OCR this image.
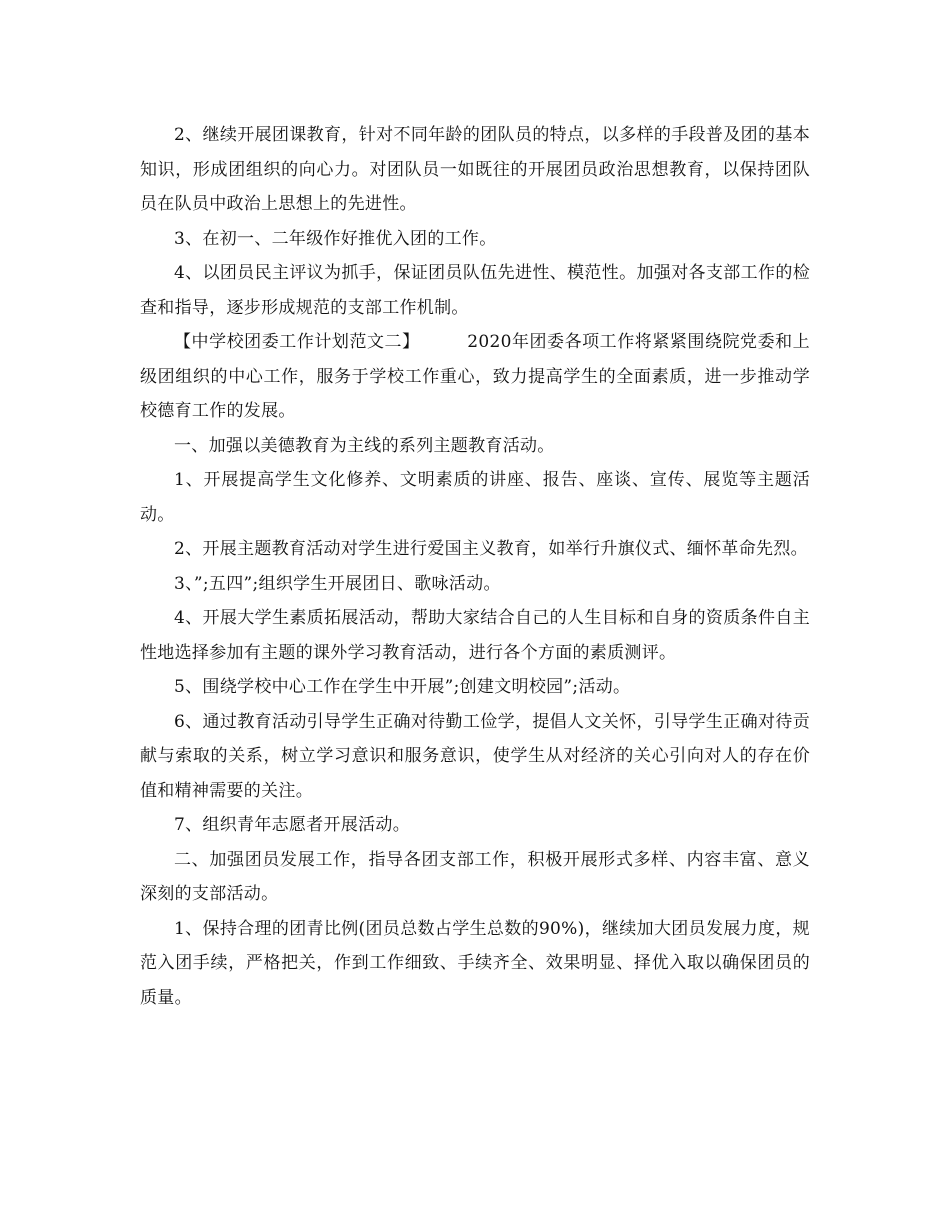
2、继续开展团课教育，针对不同年龄的团队员的特点，以多样的手段普及团的基本知识，形成团组织的向心力。对团队员一如既往的开展团员政治思想教育，以保持团队员在队员中政治上思想上的先进性。

3、在初一、二年级作好推优入团的工作。

4、以团员民主评议为抓手，保证团员队伍先进性、模范性。加强对各支部工作的检查和指导，逐步形成规范的支部工作机制。

【中学校团委工作计划范文二】        2020年团委各项工作将紧紧围绕院党委和上级团组织的中心工作，服务于学校工作重心，致力提高学生的全面素质，进一步推动学校德育工作的发展。

一、加强以美德教育为主线的系列主题教育活动。

1、开展提高学生文化修养、文明素质的讲座、报告、座谈、宣传、展览等主题活动。

2、开展主题教育活动对学生进行爱国主义教育，如举行升旗仪式、缅怀革命先烈。

3、”;五四”;组织学生开展团日、歌咏活动。

4、开展大学生素质拓展活动，帮助大家结合自己的人生目标和自身的资质条件自主性地选择参加有主题的课外学习教育活动，进行各个方面的素质测评。

5、围绕学校中心工作在学生中开展”;创建文明校园”;活动。

6、通过教育活动引导学生正确对待勤工俭学，提倡人文关怀，引导学生正确对待贡献与索取的关系，树立学习意识和服务意识，使学生从对经济的关心引向对人的存在价值和精神需要的关注。

7、组织青年志愿者开展活动。

二、加强团员发展工作，指导各团支部工作，积极开展形式多样、内容丰富、意义深刻的支部活动。

1、保持合理的团青比例(团员总数占学生总数的90%)，继续加大团员发展力度，规范入团手续，严格把关，作到工作细致、手续齐全、效果明显、择优入取以确保团员的质量。
